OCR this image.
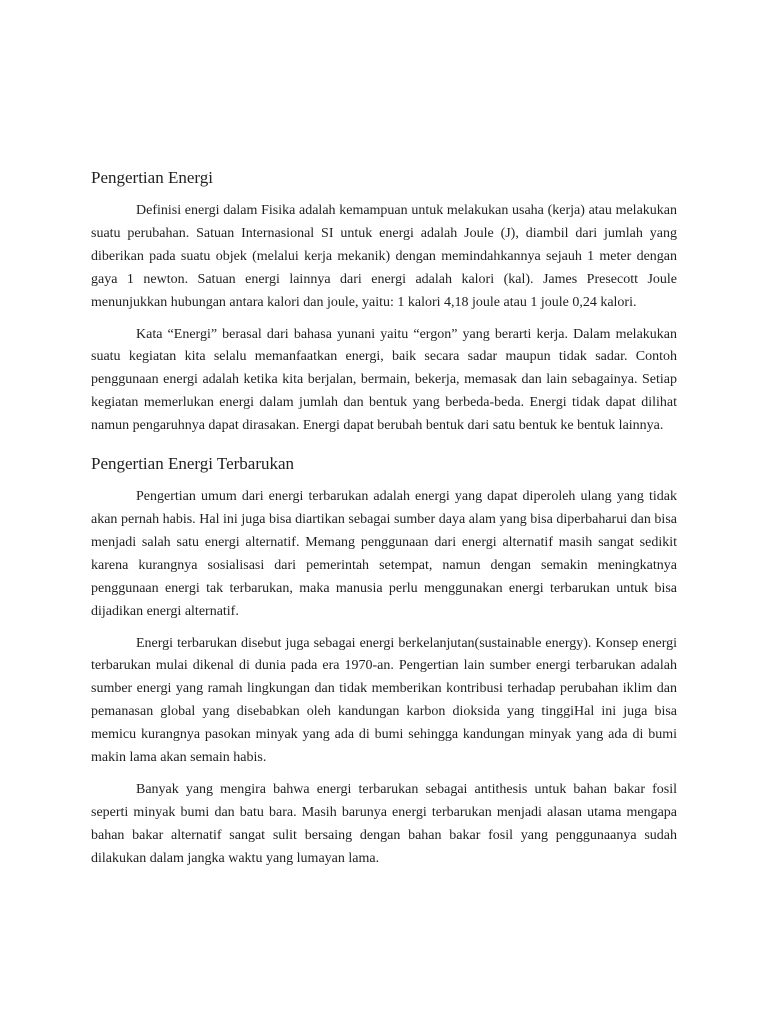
Pengertian Energi

Definisi energi dalam Fisika adalah kemampuan untuk melakukan usaha (kerja) atau melakukan suatu perubahan. Satuan Internasional SI untuk energi adalah Joule (J), diambil dari jumlah yang diberikan pada suatu objek (melalui kerja mekanik) dengan memindahkannya sejauh 1 meter dengan gaya 1 newton. Satuan energi lainnya dari energi adalah kalori (kal). James Presecott Joule menunjukkan hubungan antara kalori dan joule, yaitu: 1 kalori 4,18 joule atau 1 joule 0,24 kalori.

Kata “Energi” berasal dari bahasa yunani yaitu “ergon” yang berarti kerja. Dalam melakukan suatu kegiatan kita selalu memanfaatkan energi, baik secara sadar maupun tidak sadar. Contoh penggunaan energi adalah ketika kita berjalan, bermain, bekerja, memasak dan lain sebagainya. Setiap kegiatan memerlukan energi dalam jumlah dan bentuk yang berbeda-beda. Energi tidak dapat dilihat namun pengaruhnya dapat dirasakan. Energi dapat berubah bentuk dari satu bentuk ke bentuk lainnya.

Pengertian Energi Terbarukan

Pengertian umum dari energi terbarukan adalah energi yang dapat diperoleh ulang yang tidak akan pernah habis. Hal ini juga bisa diartikan sebagai sumber daya alam yang bisa diperbaharui dan bisa menjadi salah satu energi alternatif. Memang penggunaan dari energi alternatif masih sangat sedikit karena kurangnya sosialisasi dari pemerintah setempat, namun dengan semakin meningkatnya penggunaan energi tak terbarukan, maka manusia perlu menggunakan energi terbarukan untuk bisa dijadikan energi alternatif.

Energi terbarukan disebut juga sebagai energi berkelanjutan(sustainable energy). Konsep energi terbarukan mulai dikenal di dunia pada era 1970-an. Pengertian lain sumber energi terbarukan adalah sumber energi yang ramah lingkungan dan tidak memberikan kontribusi terhadap perubahan iklim dan pemanasan global yang disebabkan oleh kandungan karbon dioksida yang tinggiHal ini juga bisa memicu kurangnya pasokan minyak yang ada di bumi sehingga kandungan minyak yang ada di bumi makin lama akan semain habis.

Banyak yang mengira bahwa energi terbarukan sebagai antithesis untuk bahan bakar fosil seperti minyak bumi dan batu bara. Masih barunya energi terbarukan menjadi alasan utama mengapa bahan bakar alternatif sangat sulit bersaing dengan bahan bakar fosil yang penggunaanya sudah dilakukan dalam jangka waktu yang lumayan lama.
